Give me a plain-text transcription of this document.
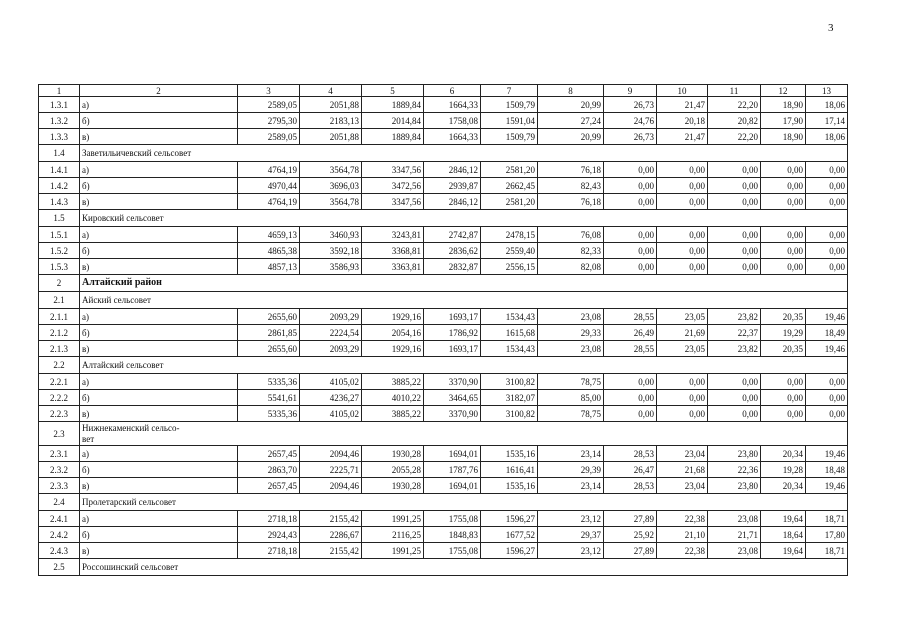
3
1	2	3	4	5	6	7	8	9	10	11	12	13
1.3.1	а)	2589,05	2051,88	1889,84	1664,33	1509,79	20,99	26,73	21,47	22,20	18,90	18,06
1.3.2	б)	2795,30	2183,13	2014,84	1758,08	1591,04	27,24	24,76	20,18	20,82	17,90	17,14
1.3.3	в)	2589,05	2051,88	1889,84	1664,33	1509,79	20,99	26,73	21,47	22,20	18,90	18,06
1.4	Заветильичевский сельсовет											
1.4.1	а)	4764,19	3564,78	3347,56	2846,12	2581,20	76,18	0,00	0,00	0,00	0,00	0,00
1.4.2	б)	4970,44	3696,03	3472,56	2939,87	2662,45	82,43	0,00	0,00	0,00	0,00	0,00
1.4.3	в)	4764,19	3564,78	3347,56	2846,12	2581,20	76,18	0,00	0,00	0,00	0,00	0,00
1.5	Кировский сельсовет											
1.5.1	а)	4659,13	3460,93	3243,81	2742,87	2478,15	76,08	0,00	0,00	0,00	0,00	0,00
1.5.2	б)	4865,38	3592,18	3368,81	2836,62	2559,40	82,33	0,00	0,00	0,00	0,00	0,00
1.5.3	в)	4857,13	3586,93	3363,81	2832,87	2556,15	82,08	0,00	0,00	0,00	0,00	0,00
2	Алтайский район											
2.1	Айский сельсовет											
2.1.1	а)	2655,60	2093,29	1929,16	1693,17	1534,43	23,08	28,55	23,05	23,82	20,35	19,46
2.1.2	б)	2861,85	2224,54	2054,16	1786,92	1615,68	29,33	26,49	21,69	22,37	19,29	18,49
2.1.3	в)	2655,60	2093,29	1929,16	1693,17	1534,43	23,08	28,55	23,05	23,82	20,35	19,46
2.2	Алтайский сельсовет											
2.2.1	а)	5335,36	4105,02	3885,22	3370,90	3100,82	78,75	0,00	0,00	0,00	0,00	0,00
2.2.2	б)	5541,61	4236,27	4010,22	3464,65	3182,07	85,00	0,00	0,00	0,00	0,00	0,00
2.2.3	в)	5335,36	4105,02	3885,22	3370,90	3100,82	78,75	0,00	0,00	0,00	0,00	0,00
2.3	Нижнекаменский сельсо-
вет											
2.3.1	а)	2657,45	2094,46	1930,28	1694,01	1535,16	23,14	28,53	23,04	23,80	20,34	19,46
2.3.2	б)	2863,70	2225,71	2055,28	1787,76	1616,41	29,39	26,47	21,68	22,36	19,28	18,48
2.3.3	в)	2657,45	2094,46	1930,28	1694,01	1535,16	23,14	28,53	23,04	23,80	20,34	19,46
2.4	Пролетарский сельсовет											
2.4.1	а)	2718,18	2155,42	1991,25	1755,08	1596,27	23,12	27,89	22,38	23,08	19,64	18,71
2.4.2	б)	2924,43	2286,67	2116,25	1848,83	1677,52	29,37	25,92	21,10	21,71	18,64	17,80
2.4.3	в)	2718,18	2155,42	1991,25	1755,08	1596,27	23,12	27,89	22,38	23,08	19,64	18,71
2.5	Россошинский сельсовет											
